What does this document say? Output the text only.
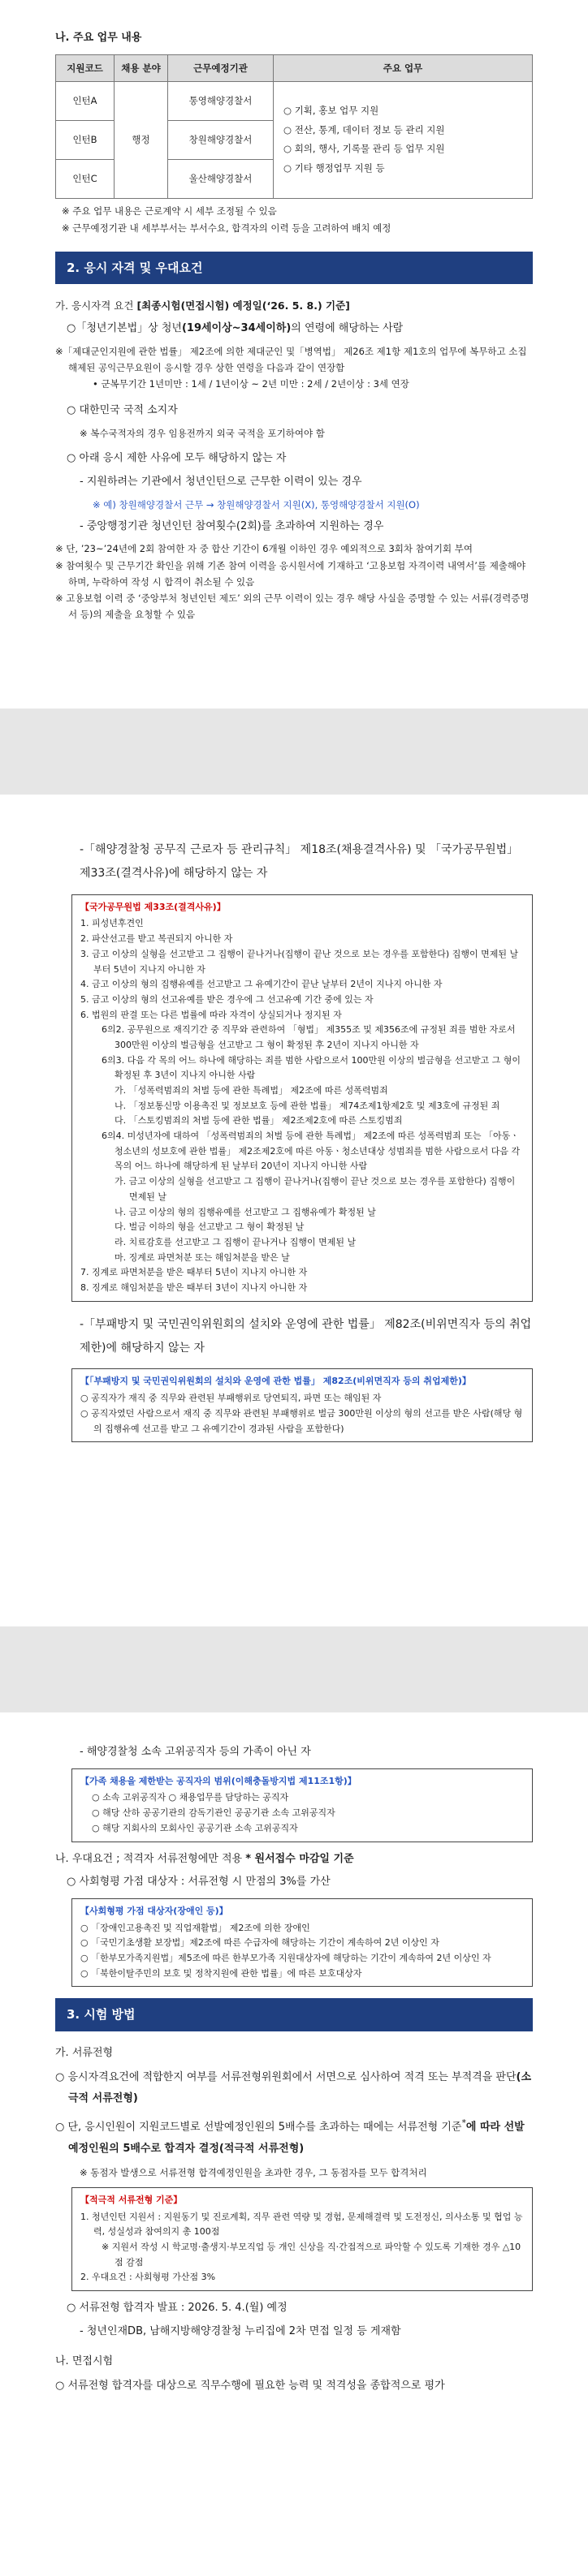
나. 주요 업무 내용
지원코드	채용 분야	근무예정기관	주요 업무
인턴A	행정	통영해양경찰서	○ 기획, 홍보 업무 지원
○ 전산, 통계, 데이터 정보 등 관리 지원
○ 회의, 행사, 기록물 관리 등 업무 지원
○ 기타 행정업무 지원 등

인턴B		창원해양경찰서	
인턴C		울산해양경찰서	
※ 주요 업무 내용은 근로계약 시 세부 조정될 수 있음
※ 근무예정기관 내 세부부서는 부서수요, 합격자의 이력 등을 고려하여 배치 예정
2. 응시 자격 및 우대요건
가. 응시자격 요건 [최종시험(면접시험) 예정일(‘26. 5. 8.) 기준]
○「청년기본법」상 청년(19세이상~34세이하)의 연령에 해당하는 사람
※「제대군인지원에 관한 법률」 제2조에 의한 제대군인 및「병역법」 제26조 제1항 제1호의 업무에 복무하고 소집 해제된 공익근무요원이 응시할 경우 상한 연령을 다음과 같이 연장함
• 군복무기간 1년미만 : 1세 / 1년이상 ~ 2년 미만 : 2세 / 2년이상 : 3세 연장
○ 대한민국 국적 소지자
※ 복수국적자의 경우 임용전까지 외국 국적을 포기하여야 함
○ 아래 응시 제한 사유에 모두 해당하지 않는 자
- 지원하려는 기관에서 청년인턴으로 근무한 이력이 있는 경우
※ 예) 창원해양경찰서 근무 → 창원해양경찰서 지원(X), 통영해양경찰서 지원(O)
- 중앙행정기관 청년인턴 참여횟수(2회)를 초과하여 지원하는 경우
※ 단, ’23~’24년에 2회 참여한 자 중 합산 기간이 6개월 이하인 경우 예외적으로 3회차 참여기회 부여
※ 참여횟수 및 근무기간 확인을 위해 기존 참여 이력을 응시원서에 기재하고 ‘고용보험 자격이력 내역서’를 제출해야 하며, 누락하여 작성 시 합격이 취소될 수 있음
※ 고용보험 이력 중 ‘중앙부처 청년인턴 제도’ 외의 근무 이력이 있는 경우 해당 사실을 증명할 수 있는 서류(경력증명서 등)의 제출을 요청할 수 있음
-「해양경찰청 공무직 근로자 등 관리규칙」 제18조(채용결격사유) 및 「국가공무원법」 제33조(결격사유)에 해당하지 않는 자
【국가공무원법 제33조(결격사유)】
1. 피성년후견인
2. 파산선고를 받고 복권되지 아니한 자
3. 금고 이상의 실형을 선고받고 그 집행이 끝나거나(집행이 끝난 것으로 보는 경우를 포함한다) 집행이 면제된 날부터 5년이 지나지 아니한 자
4. 금고 이상의 형의 집행유예를 선고받고 그 유예기간이 끝난 날부터 2년이 지나지 아니한 자
5. 금고 이상의 형의 선고유예를 받은 경우에 그 선고유예 기간 중에 있는 자
6. 법원의 판결 또는 다른 법률에 따라 자격이 상실되거나 정지된 자
6의2. 공무원으로 재직기간 중 직무와 관련하여 「형법」 제355조 및 제356조에 규정된 죄를 범한 자로서 300만원 이상의 벌금형을 선고받고 그 형이 확정된 후 2년이 지나지 아니한 자
6의3. 다음 각 목의 어느 하나에 해당하는 죄를 범한 사람으로서 100만원 이상의 벌금형을 선고받고 그 형이 확정된 후 3년이 지나지 아니한 사람
가. 「성폭력범죄의 처벌 등에 관한 특례법」 제2조에 따른 성폭력범죄
나. 「정보통신망 이용촉진 및 정보보호 등에 관한 법률」 제74조제1항제2호 및 제3호에 규정된 죄
다. 「스토킹범죄의 처벌 등에 관한 법률」 제2조제2호에 따른 스토킹범죄
6의4. 미성년자에 대하여 「성폭력범죄의 처벌 등에 관한 특례법」 제2조에 따른 성폭력범죄 또는 「아동ㆍ청소년의 성보호에 관한 법률」 제2조제2호에 따른 아동ㆍ청소년대상 성범죄를 범한 사람으로서 다음 각 목의 어느 하나에 해당하게 된 날부터 20년이 지나지 아니한 사람
가. 금고 이상의 실형을 선고받고 그 집행이 끝나거나(집행이 끝난 것으로 보는 경우를 포함한다) 집행이 면제된 날
나. 금고 이상의 형의 집행유예를 선고받고 그 집행유예가 확정된 날
다. 벌금 이하의 형을 선고받고 그 형이 확정된 날
라. 치료감호를 선고받고 그 집행이 끝나거나 집행이 면제된 날
마. 징계로 파면처분 또는 해임처분을 받은 날
7. 징계로 파면처분을 받은 때부터 5년이 지나지 아니한 자
8. 징계로 해임처분을 받은 때부터 3년이 지나지 아니한 자
-「부패방지 및 국민권익위원회의 설치와 운영에 관한 법률」 제82조(비위면직자 등의 취업제한)에 해당하지 않는 자
【「부패방지 및 국민권익위원회의 설치와 운영에 관한 법률」 제82조(비위면직자 등의 취업제한)】
○ 공직자가 재직 중 직무와 관련된 부패행위로 당연퇴직, 파면 또는 해임된 자
○ 공직자였던 사람으로서 재직 중 직무와 관련된 부패행위로 벌금 300만원 이상의 형의 선고를 받은 사람(해당 형의 집행유예 선고를 받고 그 유예기간이 경과된 사람을 포함한다)
- 해양경찰청 소속 고위공직자 등의 가족이 아닌 자
【가족 채용을 제한받는 공직자의 범위(이해충돌방지법 제11조1항)】
○ 소속 고위공직자 ○ 채용업무를 담당하는 공직자
○ 해당 산하 공공기관의 감독기관인 공공기관 소속 고위공직자
○ 해당 지회사의 모회사인 공공기관 소속 고위공직자
나. 우대요건 ; 적격자 서류전형에만 적용 * 원서접수 마감일 기준
○ 사회형평 가점 대상자 : 서류전형 시 만점의 3%를 가산
【사회형평 가점 대상자(장애인 등)】
○ 「장애인고용촉진 및 직업재활법」 제2조에 의한 장애인
○ 「국민기초생활 보장법」제2조에 따른 수급자에 해당하는 기간이 계속하여 2년 이상인 자
○ 「한부모가족지원법」제5조에 따른 한부모가족 지원대상자에 해당하는 기간이 계속하여 2년 이상인 자
○ 「북한이탈주민의 보호 및 정착지원에 관한 법률」에 따른 보호대상자
3. 시험 방법
가. 서류전형
○ 응시자격요건에 적합한지 여부를 서류전형위원회에서 서면으로 심사하여 적격 또는 부적격을 판단(소극적 서류전형)
○ 단, 응시인원이 지원코드별로 선발예정인원의 5배수를 초과하는 때에는 서류전형 기준*에 따라 선발예정인원의 5배수로 합격자 결정(적극적 서류전형)
※ 동점자 발생으로 서류전형 합격예정인원을 초과한 경우, 그 동점자를 모두 합격처리
【적극적 서류전형 기준】
1. 청년인턴 지원서 : 지원동기 및 진로계획, 직무 관련 역량 및 경험, 문제해결력 및 도전정신, 의사소통 및 협업 능력, 성실성과 참여의지 총 100점
※ 지원서 작성 시 학교명·출생지·부모직업 등 개인 신상을 직·간접적으로 파악할 수 있도록 기재한 경우 △10점 감점
2. 우대요건 : 사회형평 가산점 3%
○ 서류전형 합격자 발표 : 2026. 5. 4.(월) 예정
- 청년인재DB, 남해지방해양경찰청 누리집에 2차 면접 일정 등 게재함
나. 면접시험
○ 서류전형 합격자를 대상으로 직무수행에 필요한 능력 및 적격성을 종합적으로 평가
